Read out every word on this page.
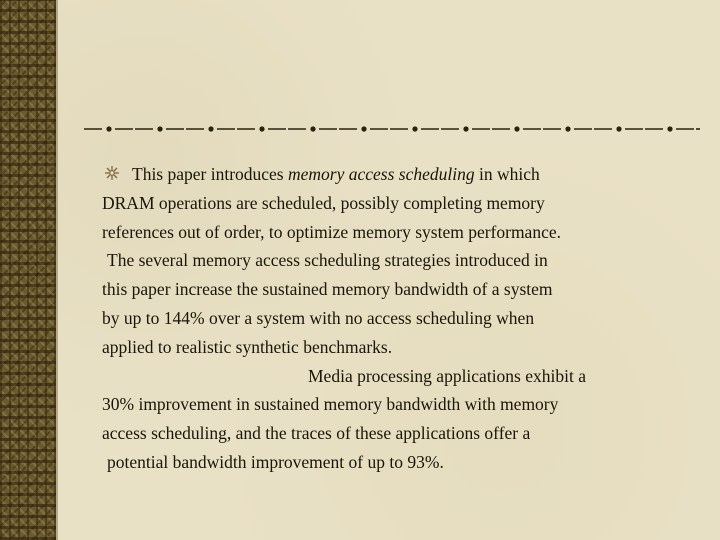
This paper introduces memory access scheduling in which
DRAM operations are scheduled, possibly completing memory
references out of order, to optimize memory system performance.
The several memory access scheduling strategies introduced in
this paper increase the sustained memory bandwidth of a system
by up to 144% over a system with no access scheduling when
applied to realistic synthetic benchmarks.
Media processing applications exhibit a
30% improvement in sustained memory bandwidth with memory
access scheduling, and the traces of these applications offer a
potential bandwidth improvement of up to 93%.
